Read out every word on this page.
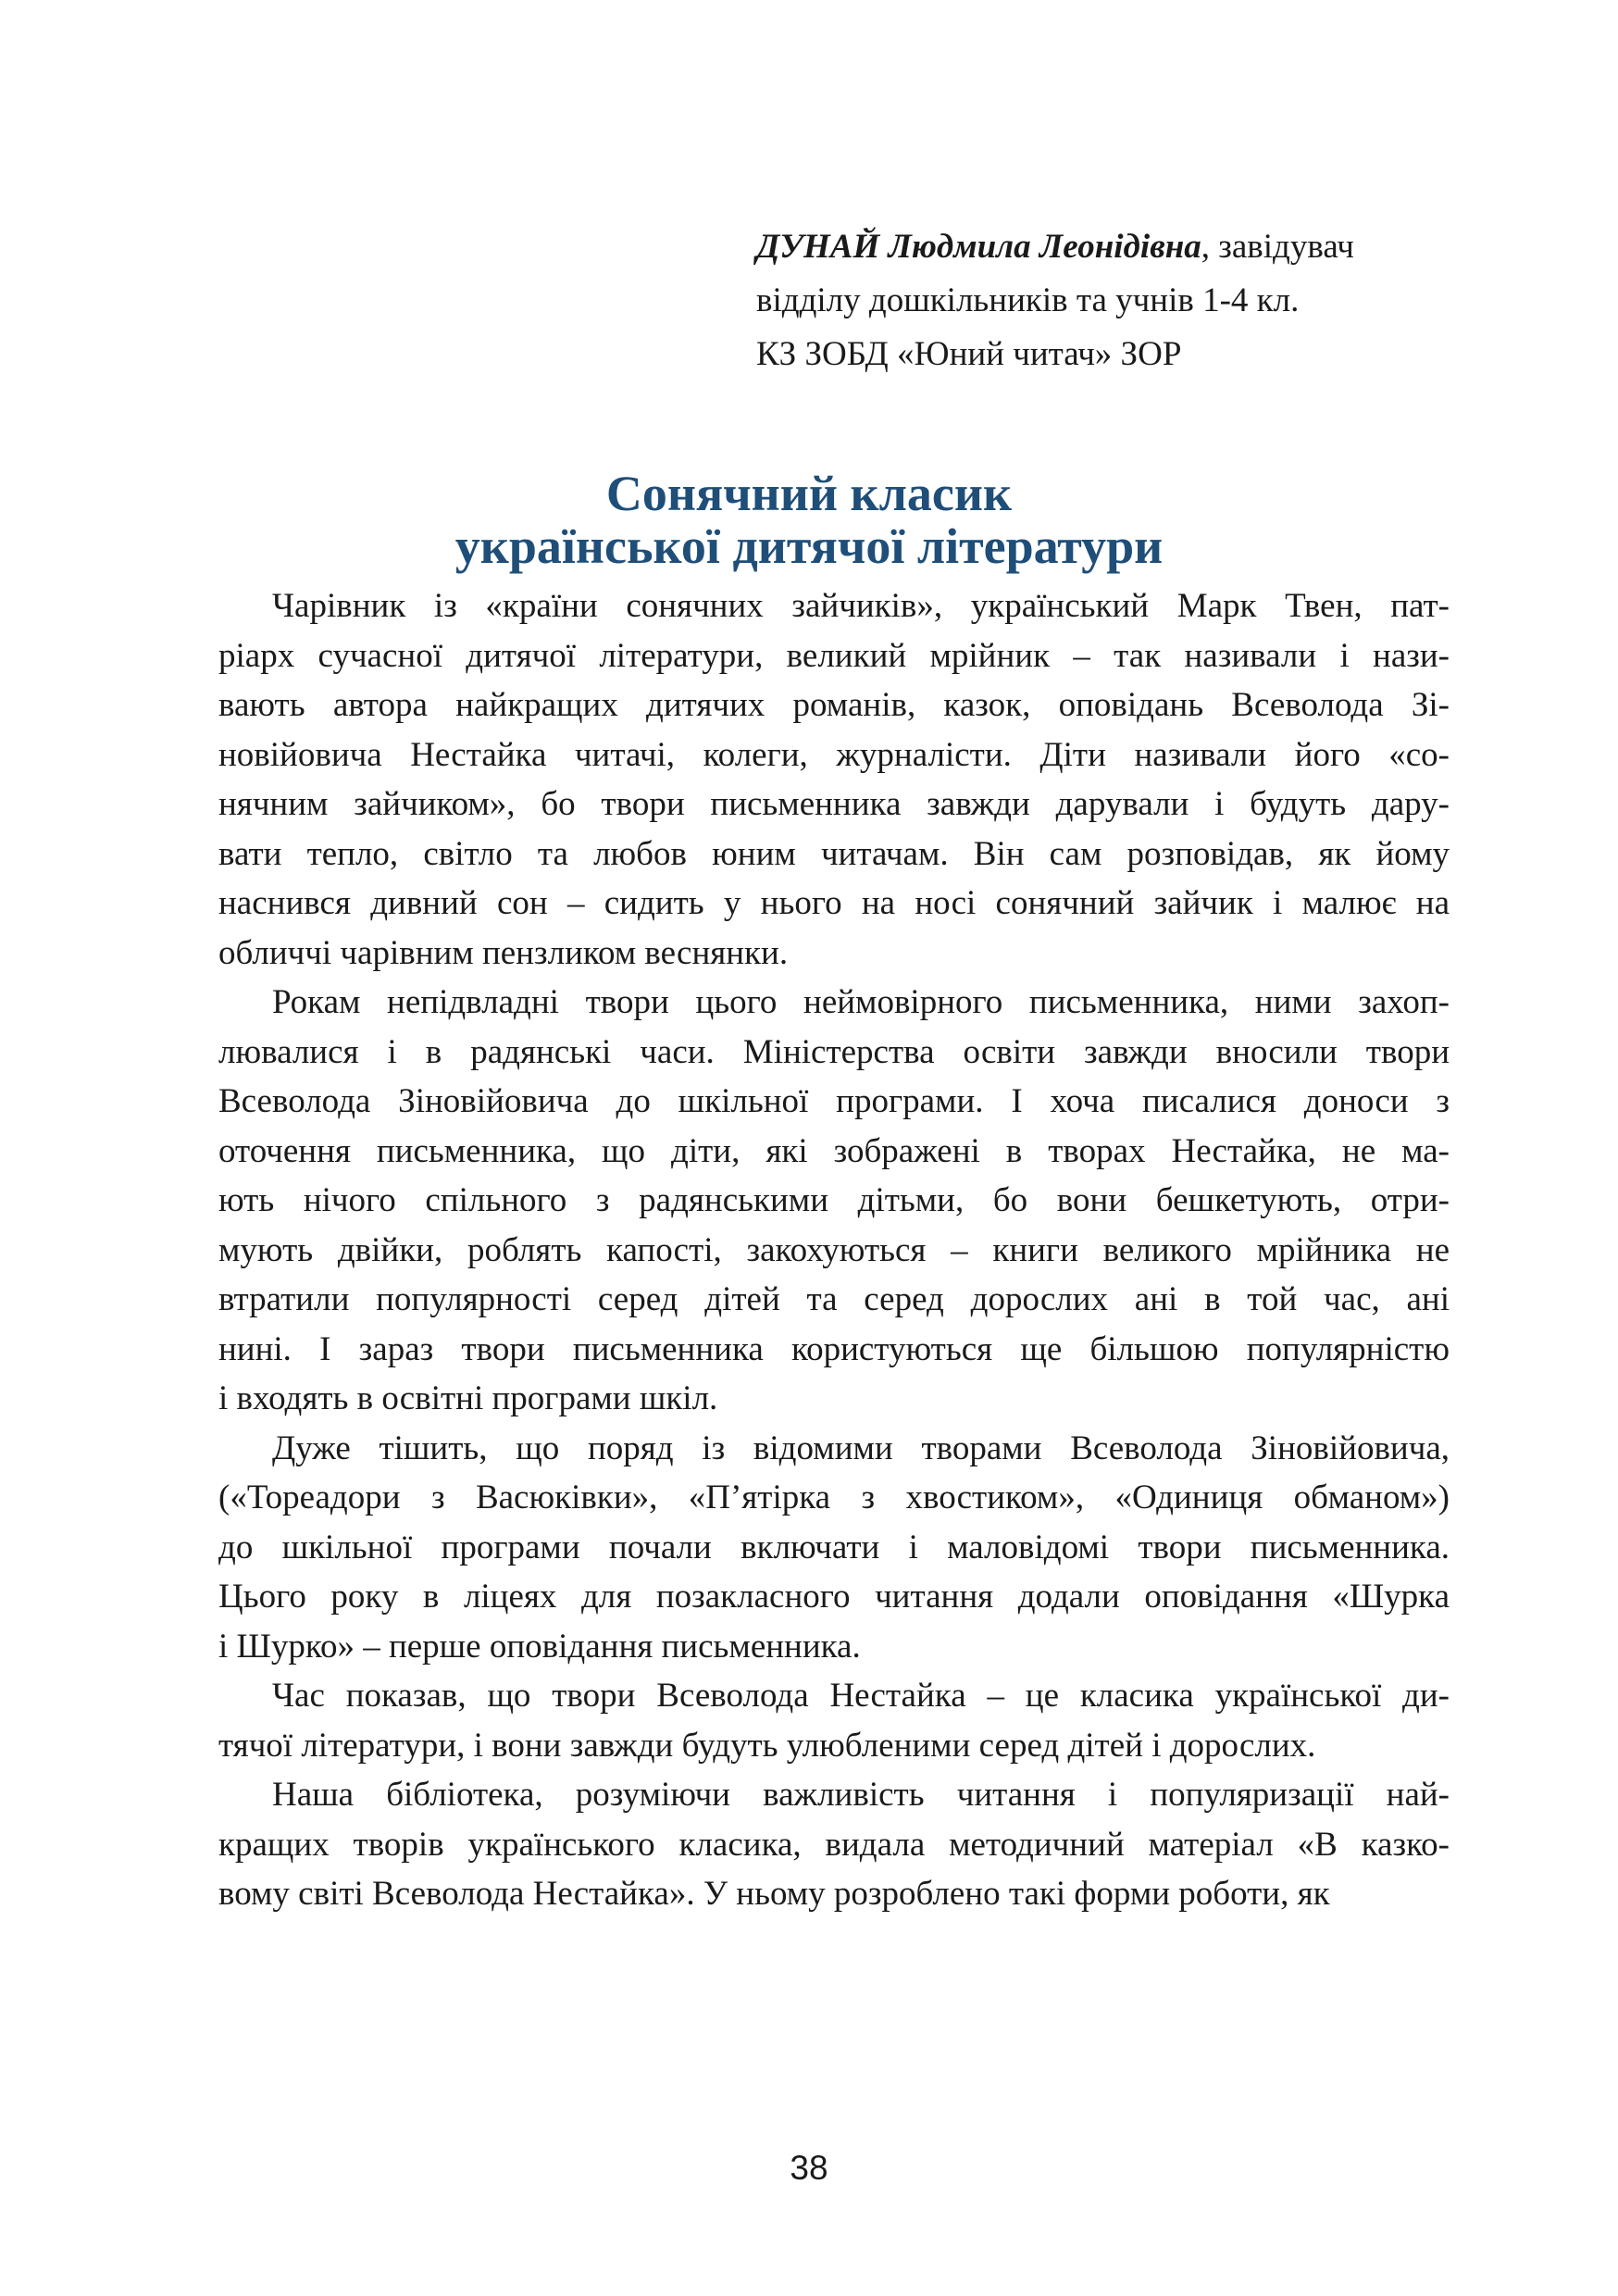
ДУНАЙ Людмила Леонідівна, завідувач
відділу дошкільників та учнів 1-4 кл.
КЗ ЗОБД «Юний читач» ЗОР
Сонячний класик
української дитячої літератури
Чарівник із «країни сонячних зайчиків», український Марк Твен, пат-
ріарх сучасної дитячої літератури, великий мрійник – так називали і нази-
вають автора найкращих дитячих романів, казок, оповідань Всеволода Зі-
новійовича Нестайка читачі, колеги, журналісти. Діти називали його «со-
нячним зайчиком», бо твори письменника завжди дарували і будуть дару-
вати тепло, світло та любов юним читачам. Він сам розповідав, як йому
наснився дивний сон – сидить у нього на носі сонячний зайчик і малює на
обличчі чарівним пензликом веснянки.
Рокам непідвладні твори цього неймовірного письменника, ними захоп-
лювалися і в радянські часи. Міністерства освіти завжди вносили твори
Всеволода Зіновійовича до шкільної програми. І хоча писалися доноси з
оточення письменника, що діти, які зображені в творах Нестайка, не ма-
ють нічого спільного з радянськими дітьми, бо вони бешкетують, отри-
мують двійки, роблять капості, закохуються – книги великого мрійника не
втратили популярності серед дітей та серед дорослих ані в той час, ані
нині. І зараз твори письменника користуються ще більшою популярністю
і входять в освітні програми шкіл.
Дуже тішить, що поряд із відомими творами Всеволода Зіновійовича,
(«Тореадори з Васюківки», «П’ятірка з хвостиком», «Одиниця обманом»)
до шкільної програми почали включати і маловідомі твори письменника.
Цього року в ліцеях для позакласного читання додали оповідання «Шурка
і Шурко» – перше оповідання письменника.
Час показав, що твори Всеволода Нестайка – це класика української ди-
тячої літератури, і вони завжди будуть улюбленими серед дітей і дорослих.
Наша бібліотека, розуміючи важливість читання і популяризації най-
кращих творів українського класика, видала методичний матеріал «В казко-
вому світі Всеволода Нестайка». У ньому розроблено такі форми роботи, як
38
